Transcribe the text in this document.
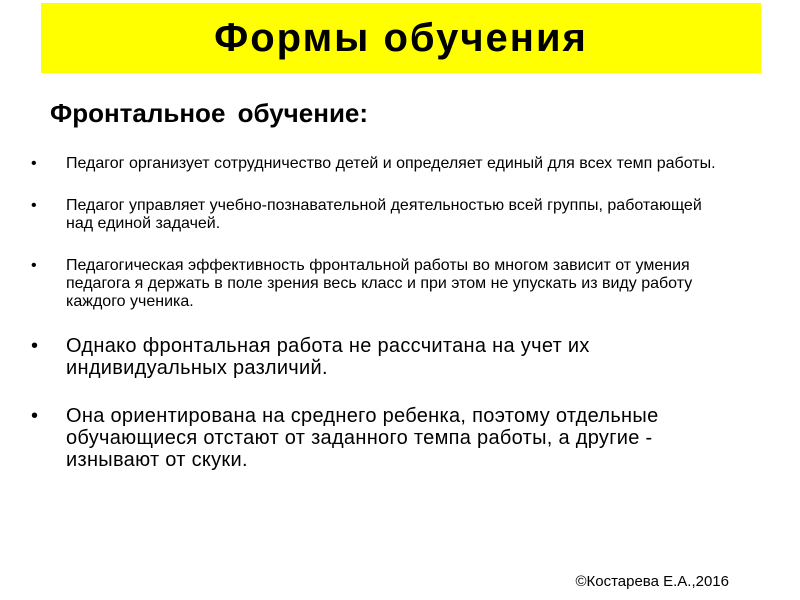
Формы обучения
Фронтальное обучение:
• Педагог организует сотрудничество детей и определяет единый для всех темп работы.
• Педагог управляет учебно-познавательной деятельностью всей группы, работающей над единой задачей.
• Педагогическая эффективность фронтальной работы во многом зависит от умения педагога я держать в поле зрения весь класс и при этом не упускать из виду работу каждого ученика.
• Однако фронтальная работа не рассчитана на учет их индивидуальных различий.
• Она ориентирована на среднего ребенка, поэтому отдельные обучающиеся отстают от заданного темпа работы, а другие - изнывают от скуки.

©Костарева Е.А.,2016
